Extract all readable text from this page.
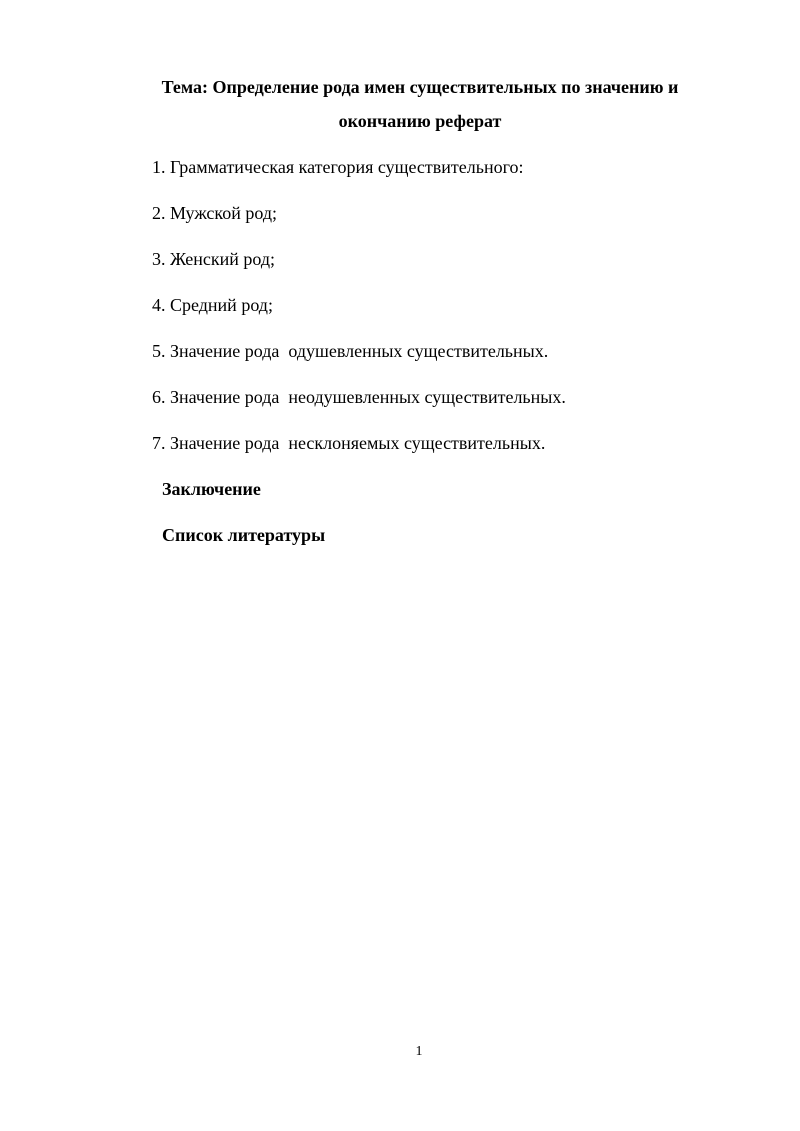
Тема: Определение рода имен существительных по значению и
окончанию реферат
1. Грамматическая категория существительного:
2. Мужской род;
3. Женский род;
4. Средний род;
5. Значение рода  одушевленных существительных.
6. Значение рода  неодушевленных существительных.
7. Значение рода  несклоняемых существительных.
Заключение
Список литературы
1
